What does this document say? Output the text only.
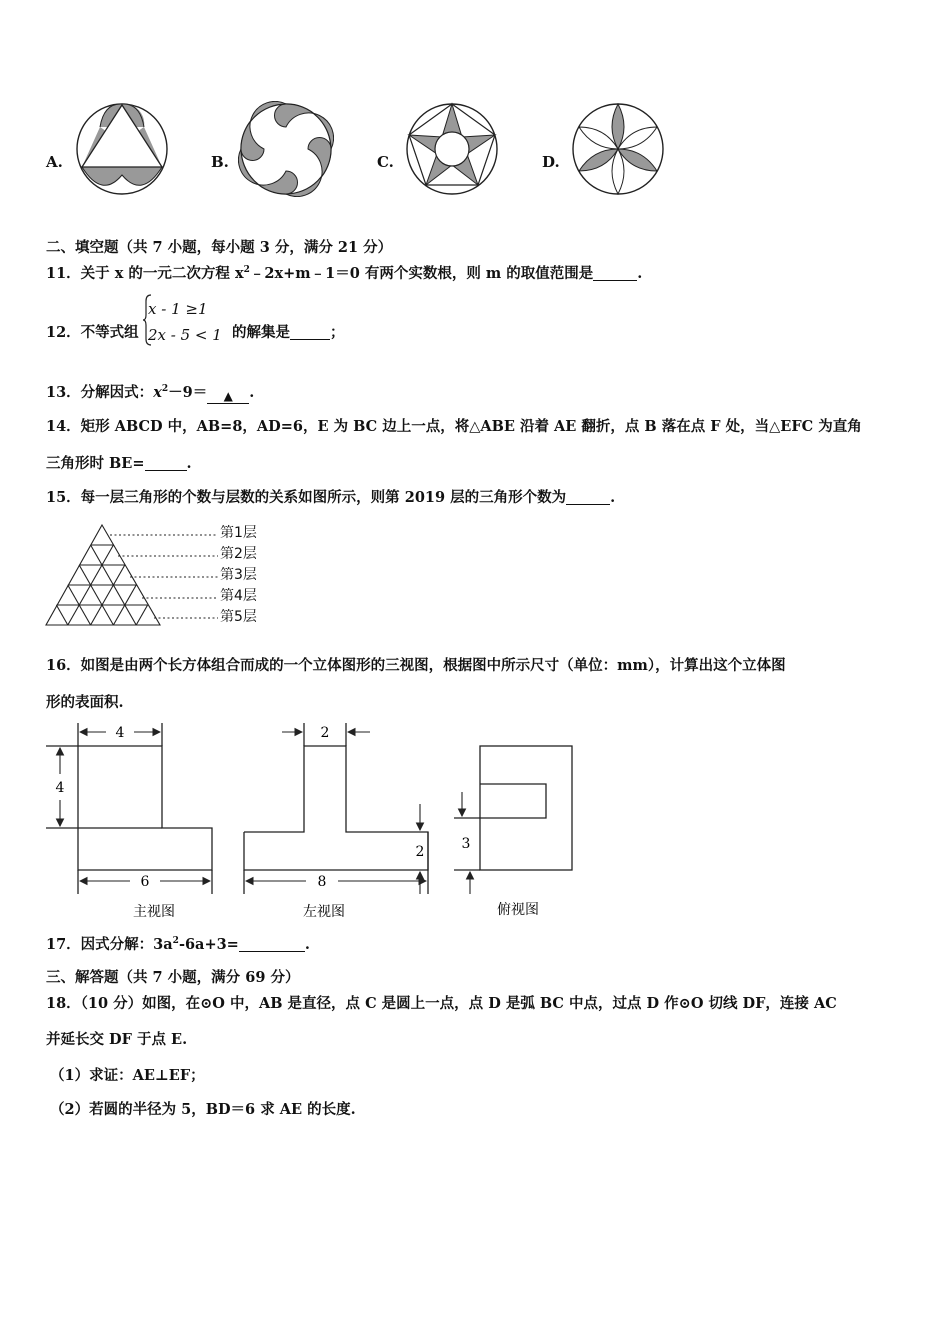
A.	B.	C.	D.
二、填空题（共 7 小题，每小题 3 分，满分 21 分）
11．关于 x 的一元二次方程 $x^2﹣2x+m﹣1=0$ 有两个实数根，则 m 的取值范围是	.
12．不等式组
x - 1 ≥1
2x - 5 < 1 的解集是	；
13．分解因式：$x^2-9=$ ▲ .
14．矩形 ABCD 中，AB=8，AD=6，E 为 BC 边上一点，将△ABE 沿着 AE 翻折，点 B 落在点 F 处，当△EFC 为直角
三角形时 BE=	.
15．每一层三角形的个数与层数的关系如图所示，则第 2019 层的三角形个数为	.
第1层
第2层
第3层
第4层
第5层
16．如图是由两个长方体组合而成的一个立体图形的三视图，根据图中所示尺寸（单位：mm），计算出这个立体图
形的表面积.
4
4
6
2
2
8
3
主视图	左视图	俯视图
17．因式分解：$3a^2-6a+3=$	.
三、解答题（共 7 小题，满分 69 分）
18．（10 分）如图，在⊙O 中，AB 是直径，点 C 是圆上一点，点 D 是弧 BC 中点，过点 D 作⊙O 切线 DF，连接 AC
并延长交 DF 于点 E.
（1）求证：AE⊥EF；
（2）若圆的半径为 5，BD＝6 求 AE 的长度.
